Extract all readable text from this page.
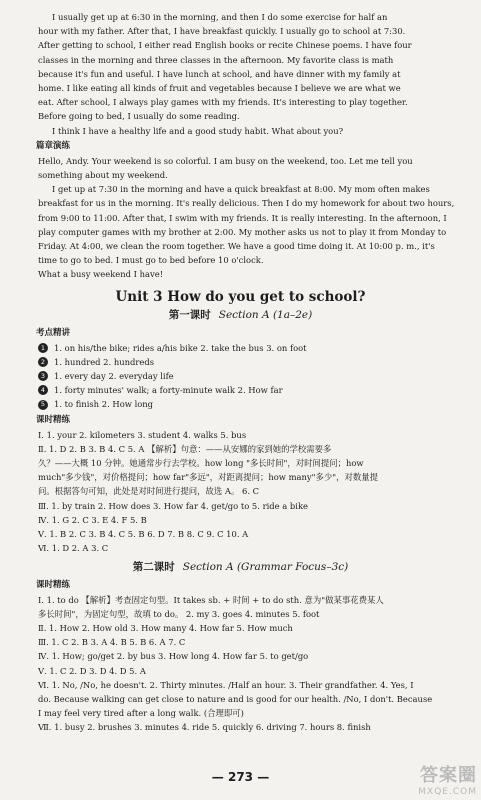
I usually get up at 6:30 in the morning, and then I do some exercise for half an

hour with my father. After that, I have breakfast quickly. I usually go to school at 7:30.

After getting to school, I either read English books or recite Chinese poems. I have four

classes in the morning and three classes in the afternoon. My favorite class is math

because it's fun and useful. I have lunch at school, and have dinner with my family at

home. I like eating all kinds of fruit and vegetables because I believe we are what we

eat. After school, I always play games with my friends. It's interesting to play together.

Before going to bed, I usually do some reading.

I think I have a healthy life and a good study habit. What about you?

篇章演练

Hello, Andy. Your weekend is so colorful. I am busy on the weekend, too. Let me tell you

something about my weekend.

I get up at 7:30 in the morning and have a quick breakfast at 8:00. My mom often makes

breakfast for us in the morning. It's really delicious. Then I do my homework for about two hours,

from 9:00 to 11:00. After that, I swim with my friends. It is really interesting. In the afternoon, I

play computer games with my brother at 2:00. My mother asks us not to play it from Monday to

Friday. At 4:00, we clean the room together. We have a good time doing it. At 10:00 p. m., it's

time to go to bed. I must go to bed before 10 o'clock.

What a busy weekend I have!

Unit 3 How do you get to school?
第一课时 Section A (1a–2e)
考点精讲
1	1. on his/the bike; rides a/his bike 2. take the bus 3. on foot
2	1. hundred 2. hundreds
3	1. every day 2. everyday life
4	1. forty minutes' walk; a forty-minute walk 2. How far
5	1. to finish 2. How long
课时精练
Ⅰ. 1. your 2. kilometers 3. student 4. walks 5. bus
Ⅱ. 1. D 2. B 3. B 4. C 5. A 【解析】句意：——从安娜的家到她的学校需要多
久？——大概 10 分钟。她通常步行去学校。how long "多长时间"，对时间提问；how
much"多少钱"，对价格提问；how far"多远"，对距离提问；how many"多少"，对数量提
问。根据答句可知，此处是对时间进行提问，故选 A。 6. C
Ⅲ. 1. by train 2. How does 3. How far 4. get/go to 5. ride a bike
Ⅳ. 1. G 2. C 3. E 4. F 5. B
Ⅴ. 1. B 2. C 3. B 4. C 5. B 6. D 7. B 8. C 9. C 10. A
Ⅵ. 1. D 2. A 3. C
第二课时 Section A (Grammar Focus–3c)
课时精练
Ⅰ. 1. to do 【解析】考查固定句型。It takes sb. + 时间 + to do sth. 意为"做某事花费某人
多长时间"，为固定句型，故填 to do。 2. my 3. goes 4. minutes 5. foot
Ⅱ. 1. How 2. How old 3. How many 4. How far 5. How much
Ⅲ. 1. C 2. B 3. A 4. B 5. B 6. A 7. C
Ⅳ. 1. How; go/get 2. by bus 3. How long 4. How far 5. to get/go
Ⅴ. 1. C 2. D 3. D 4. D 5. A
Ⅵ. 1. No, /No, he doesn't. 2. Thirty minutes. /Half an hour. 3. Their grandfather. 4. Yes, I
do. Because walking can get close to nature and is good for our health. /No, I don't. Because
I may feel very tired after a long walk. (合理即可)
Ⅶ. 1. busy 2. brushes 3. minutes 4. ride 5. quickly 6. driving 7. hours 8. finish
— 273 —	答案圈
MXQE.COM
